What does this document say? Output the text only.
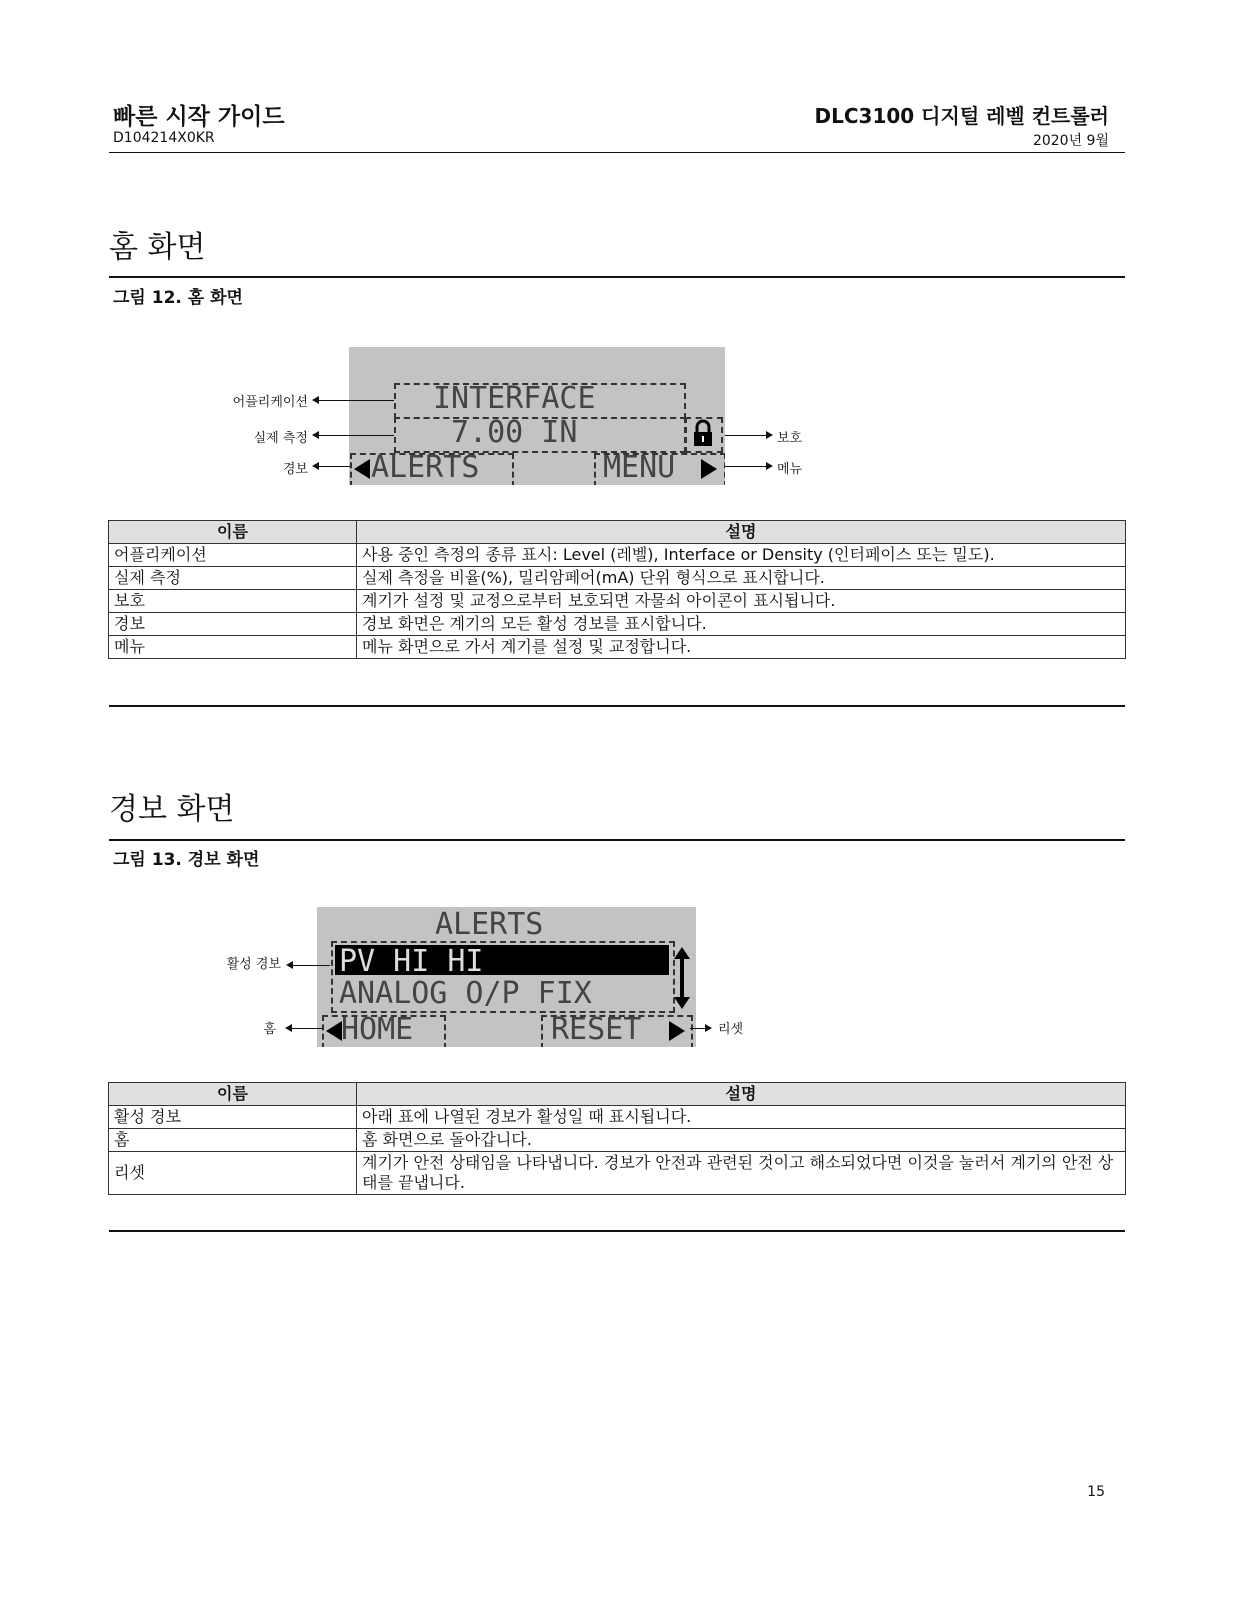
빠른 시작 가이드
D104214X0KR
DLC3100 디지털 레벨 컨트롤러
2020년 9월
홈 화면
그림 12. 홈 화면
INTERFACE
7.00 IN
ALERTS	MENU
어플리케이션
실제 측정
경보
보호
메뉴
이름	설명
어플리케이션	사용 중인 측정의 종류 표시: Level (레벨), Interface or Density (인터페이스 또는 밀도).
실제 측정	실제 측정을 비율(%), 밀리암페어(mA) 단위 형식으로 표시합니다.
보호	계기가 설정 및 교정으로부터 보호되면 자물쇠 아이콘이 표시됩니다.
경보	경보 화면은 계기의 모든 활성 경보를 표시합니다.
메뉴	메뉴 화면으로 가서 계기를 설정 및 교정합니다.
경보 화면
그림 13. 경보 화면
ALERTS
PV HI HI
ANALOG O/P FIX
HOME	RESET
활성 경보
홈	리셋
이름	설명
활성 경보	아래 표에 나열된 경보가 활성일 때 표시됩니다.
홈	홈 화면으로 돌아갑니다.
리셋	계기가 안전 상태임을 나타냅니다. 경보가 안전과 관련된 것이고 해소되었다면 이것을 눌러서 계기의 안전 상태를 끝냅니다.
15
